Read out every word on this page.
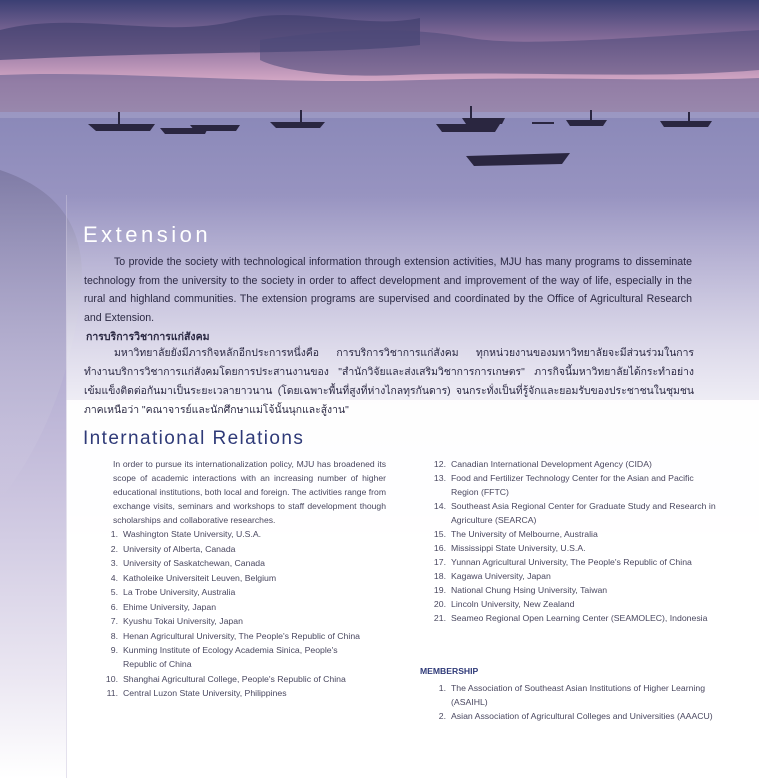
Extension

To provide the society with technological information through extension activities, MJU has many programs to disseminate technology from the university to the society in order to affect development and improvement of the way of life, especially in the rural and highland communities. The extension programs are supervised and coordinated by the Office of Agricultural Research and Extension.

การบริการวิชาการแก่สังคม

มหาวิทยาลัยยังมีภารกิจหลักอีกประการหนึ่งคือ การบริการวิชาการแก่สังคม ทุกหน่วยงานของมหาวิทยาลัยจะมีส่วนร่วมในการทำงานบริการวิชาการแก่สังคมโดยการประสานงานของ "สำนักวิจัยและส่งเสริมวิชาการการเกษตร" ภารกิจนี้มหาวิทยาลัยได้กระทำอย่างเข้มแข็งติดต่อกันมาเป็นระยะเวลายาวนาน (โดยเฉพาะพื้นที่สูงที่ห่างไกลทุรกันดาร) จนกระทั่งเป็นที่รู้จักและยอมรับของประชาชนในชุมชนภาคเหนือว่า "คณาจารย์และนักศึกษาแม่โจ้นั้นนุกและสู้งาน"

International Relations

In order to pursue its internationalization policy, MJU has broadened its scope of academic interactions with an increasing number of higher educational institutions, both local and foreign. The activities range from exchange visits, seminars and workshops to staff development though scholarships and collaborative researches.

1. Washington State University, U.S.A.
2. University of Alberta, Canada
3. University of Saskatchewan, Canada
4. Katholeike Universiteit Leuven, Belgium
5. La Trobe University, Australia
6. Ehime University, Japan
7. Kyushu Tokai University, Japan
8. Henan Agricultural University, The People's Republic of China
9. Kunming Institute of Ecology Academia Sinica, People's Republic of China
10. Shanghai Agricultural College, People's Republic of China
11. Central Luzon State University, Philippines
12. Canadian International Development Agency (CIDA)
13. Food and Fertilizer Technology Center for the Asian and Pacific Region (FFTC)
14. Southeast Asia Regional Center for Graduate Study and Research in Agriculture (SEARCA)
15. The University of Melbourne, Australia
16. Mississippi State University, U.S.A.
17. Yunnan Agricultural University, The People's Republic of China
18. Kagawa University, Japan
19. National Chung Hsing University, Taiwan
20. Lincoln University, New Zealand
21. Seameo Regional Open Learning Center (SEAMOLEC), Indonesia
MEMBERSHIP
1. The Association of Southeast Asian Institutions of Higher Learning (ASAIHL)
2. Asian Association of Agricultural Colleges and Universities (AAACU)
